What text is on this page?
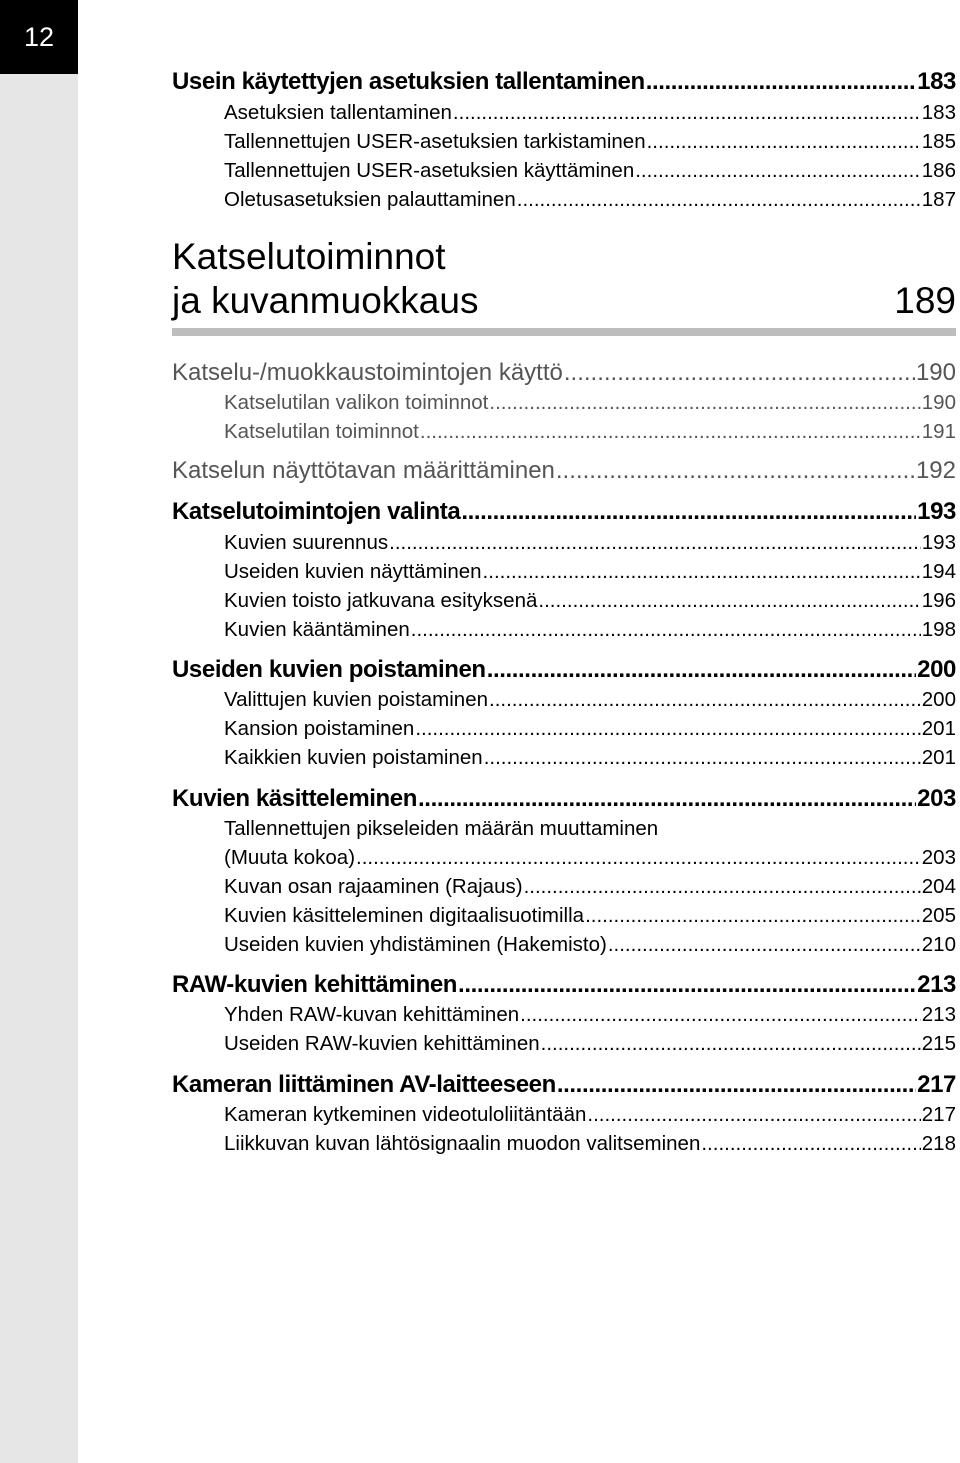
12
Usein käytettyjen asetuksien tallentaminen .....	183
Asetuksien tallentaminen .....	183
Tallennettujen USER-asetuksien tarkistaminen .....	185
Tallennettujen USER-asetuksien käyttäminen .....	186
Oletusasetuksien palauttaminen .....	187
Katselutoiminnot
ja kuvanmuokkaus	189
Katselu-/muokkaustoimintojen käyttö .....	190
Katselutilan valikon toiminnot .....	190
Katselutilan toiminnot .....	191
Katselun näyttötavan määrittäminen .....	192
Katselutoimintojen valinta .....	193
Kuvien suurennus .....	193
Useiden kuvien näyttäminen .....	194
Kuvien toisto jatkuvana esityksenä .....	196
Kuvien kääntäminen .....	198
Useiden kuvien poistaminen .....	200
Valittujen kuvien poistaminen .....	200
Kansion poistaminen .....	201
Kaikkien kuvien poistaminen .....	201
Kuvien käsitteleminen .....	203
Tallennettujen pikseleiden määrän muuttaminen
(Muuta kokoa) .....	203
Kuvan osan rajaaminen (Rajaus) .....	204
Kuvien käsitteleminen digitaalisuotimilla .....	205
Useiden kuvien yhdistäminen (Hakemisto) .....	210
RAW-kuvien kehittäminen .....	213
Yhden RAW-kuvan kehittäminen .....	213
Useiden RAW-kuvien kehittäminen .....	215
Kameran liittäminen AV-laitteeseen .....	217
Kameran kytkeminen videotuloliitäntään .....	217
Liikkuvan kuvan lähtösignaalin muodon valitseminen .....	218
